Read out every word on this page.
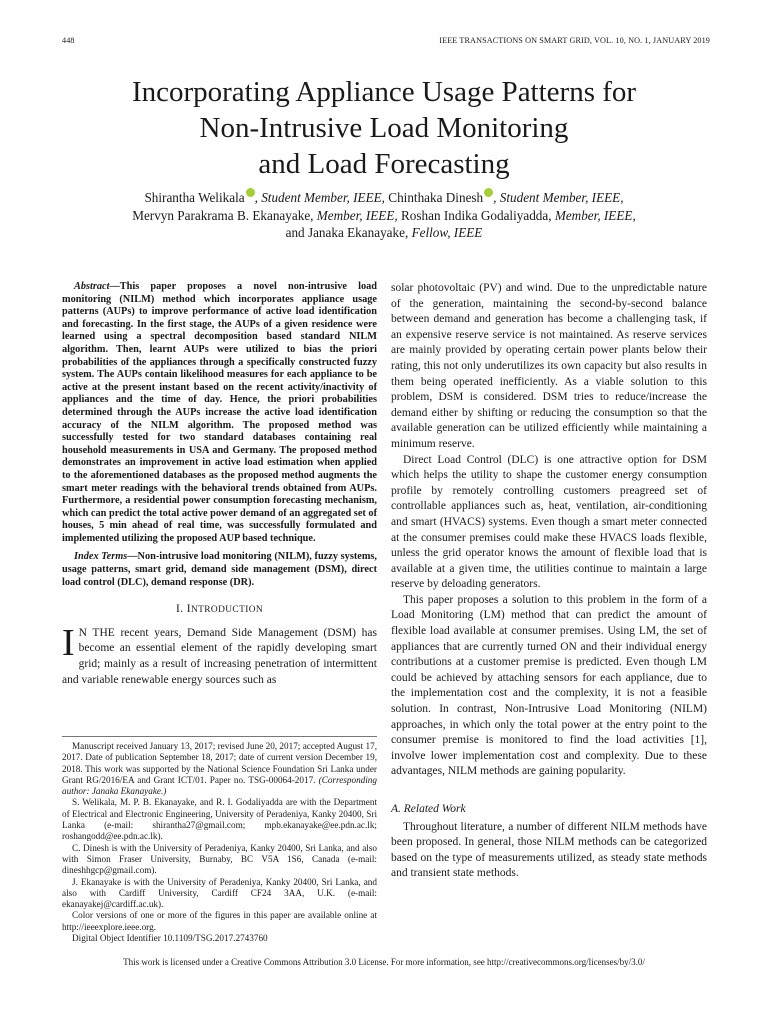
448	IEEE TRANSACTIONS ON SMART GRID, VOL. 10, NO. 1, JANUARY 2019
Incorporating Appliance Usage Patterns for
Non-Intrusive Load Monitoring
and Load Forecasting
Shirantha Welikala , Student Member, IEEE, Chinthaka Dinesh , Student Member, IEEE,
Mervyn Parakrama B. Ekanayake, Member, IEEE, Roshan Indika Godaliyadda, Member, IEEE,
and Janaka Ekanayake, Fellow, IEEE

Abstract—This paper proposes a novel non-intrusive load monitoring (NILM) method which incorporates appliance usage patterns (AUPs) to improve performance of active load identification and forecasting. In the first stage, the AUPs of a given residence were learned using a spectral decomposition based standard NILM algorithm. Then, learnt AUPs were utilized to bias the priori probabilities of the appliances through a specifically constructed fuzzy system. The AUPs contain likelihood measures for each appliance to be active at the present instant based on the recent activity/inactivity of appliances and the time of day. Hence, the priori probabilities determined through the AUPs increase the active load identification accuracy of the NILM algorithm. The proposed method was successfully tested for two standard databases containing real household measurements in USA and Germany. The proposed method demonstrates an improvement in active load estimation when applied to the aforementioned databases as the proposed method augments the smart meter readings with the behavioral trends obtained from AUPs. Furthermore, a residential power consumption forecasting mechanism, which can predict the total active power demand of an aggregated set of houses, 5 min ahead of real time, was successfully formulated and implemented utilizing the proposed AUP based technique.

Index Terms—Non-intrusive load monitoring (NILM), fuzzy systems, usage patterns, smart grid, demand side management (DSM), direct load control (DLC), demand response (DR).

I. INTRODUCTION

I N THE recent years, Demand Side Management (DSM) has become an essential element of the rapidly developing smart grid; mainly as a result of increasing penetration of intermittent and variable renewable energy sources such as

Manuscript received January 13, 2017; revised June 20, 2017; accepted August 17, 2017. Date of publication September 18, 2017; date of current version December 19, 2018. This work was supported by the National Science Foundation Sri Lanka under Grant RG/2016/EA and Grant ICT/01. Paper no. TSG-00064-2017. (Corresponding author: Janaka Ekanayake.)

S. Welikala, M. P. B. Ekanayake, and R. I. Godaliyadda are with the Department of Electrical and Electronic Engineering, University of Peradeniya, Kanky 20400, Sri Lanka (e-mail: shirantha27@gmail.com; mpb.ekanayake@ee.pdn.ac.lk; roshangodd@ee.pdn.ac.lk).

C. Dinesh is with the University of Peradeniya, Kanky 20400, Sri Lanka, and also with Simon Fraser University, Burnaby, BC V5A 1S6, Canada (e-mail: dineshhgcp@gmail.com).

J. Ekanayake is with the University of Peradeniya, Kanky 20400, Sri Lanka, and also with Cardiff University, Cardiff CF24 3AA, U.K. (e-mail: ekanayakej@cardiff.ac.uk).

Color versions of one or more of the figures in this paper are available online at http://ieeexplore.ieee.org.

Digital Object Identifier 10.1109/TSG.2017.2743760

solar photovoltaic (PV) and wind. Due to the unpredictable nature of the generation, maintaining the second-by-second balance between demand and generation has become a challenging task, if an expensive reserve service is not maintained. As reserve services are mainly provided by operating certain power plants below their rating, this not only underutilizes its own capacity but also results in them being operated inefficiently. As a viable solution to this problem, DSM is considered. DSM tries to reduce/increase the demand either by shifting or reducing the consumption so that the available generation can be utilized efficiently while maintaining a minimum reserve.

Direct Load Control (DLC) is one attractive option for DSM which helps the utility to shape the customer energy consumption profile by remotely controlling customers preagreed set of controllable appliances such as, heat, ventilation, air-conditioning and smart (HVACS) systems. Even though a smart meter connected at the consumer premises could make these HVACS loads flexible, unless the grid operator knows the amount of flexible load that is available at a given time, the utilities continue to maintain a large reserve by deloading generators.

This paper proposes a solution to this problem in the form of a Load Monitoring (LM) method that can predict the amount of flexible load available at consumer premises. Using LM, the set of appliances that are currently turned ON and their individual energy contributions at a customer premise is predicted. Even though LM could be achieved by attaching sensors for each appliance, due to the implementation cost and the complexity, it is not a feasible solution. In contrast, Non-Intrusive Load Monitoring (NILM) approaches, in which only the total power at the entry point to the consumer premise is monitored to find the load activities [1], involve lower implementation cost and complexity. Due to these advantages, NILM methods are gaining popularity.

A. Related Work

Throughout literature, a number of different NILM methods have been proposed. In general, those NILM methods can be categorized based on the type of measurements utilized, as steady state methods and transient state methods.

This work is licensed under a Creative Commons Attribution 3.0 License. For more information, see http://creativecommons.org/licenses/by/3.0/
